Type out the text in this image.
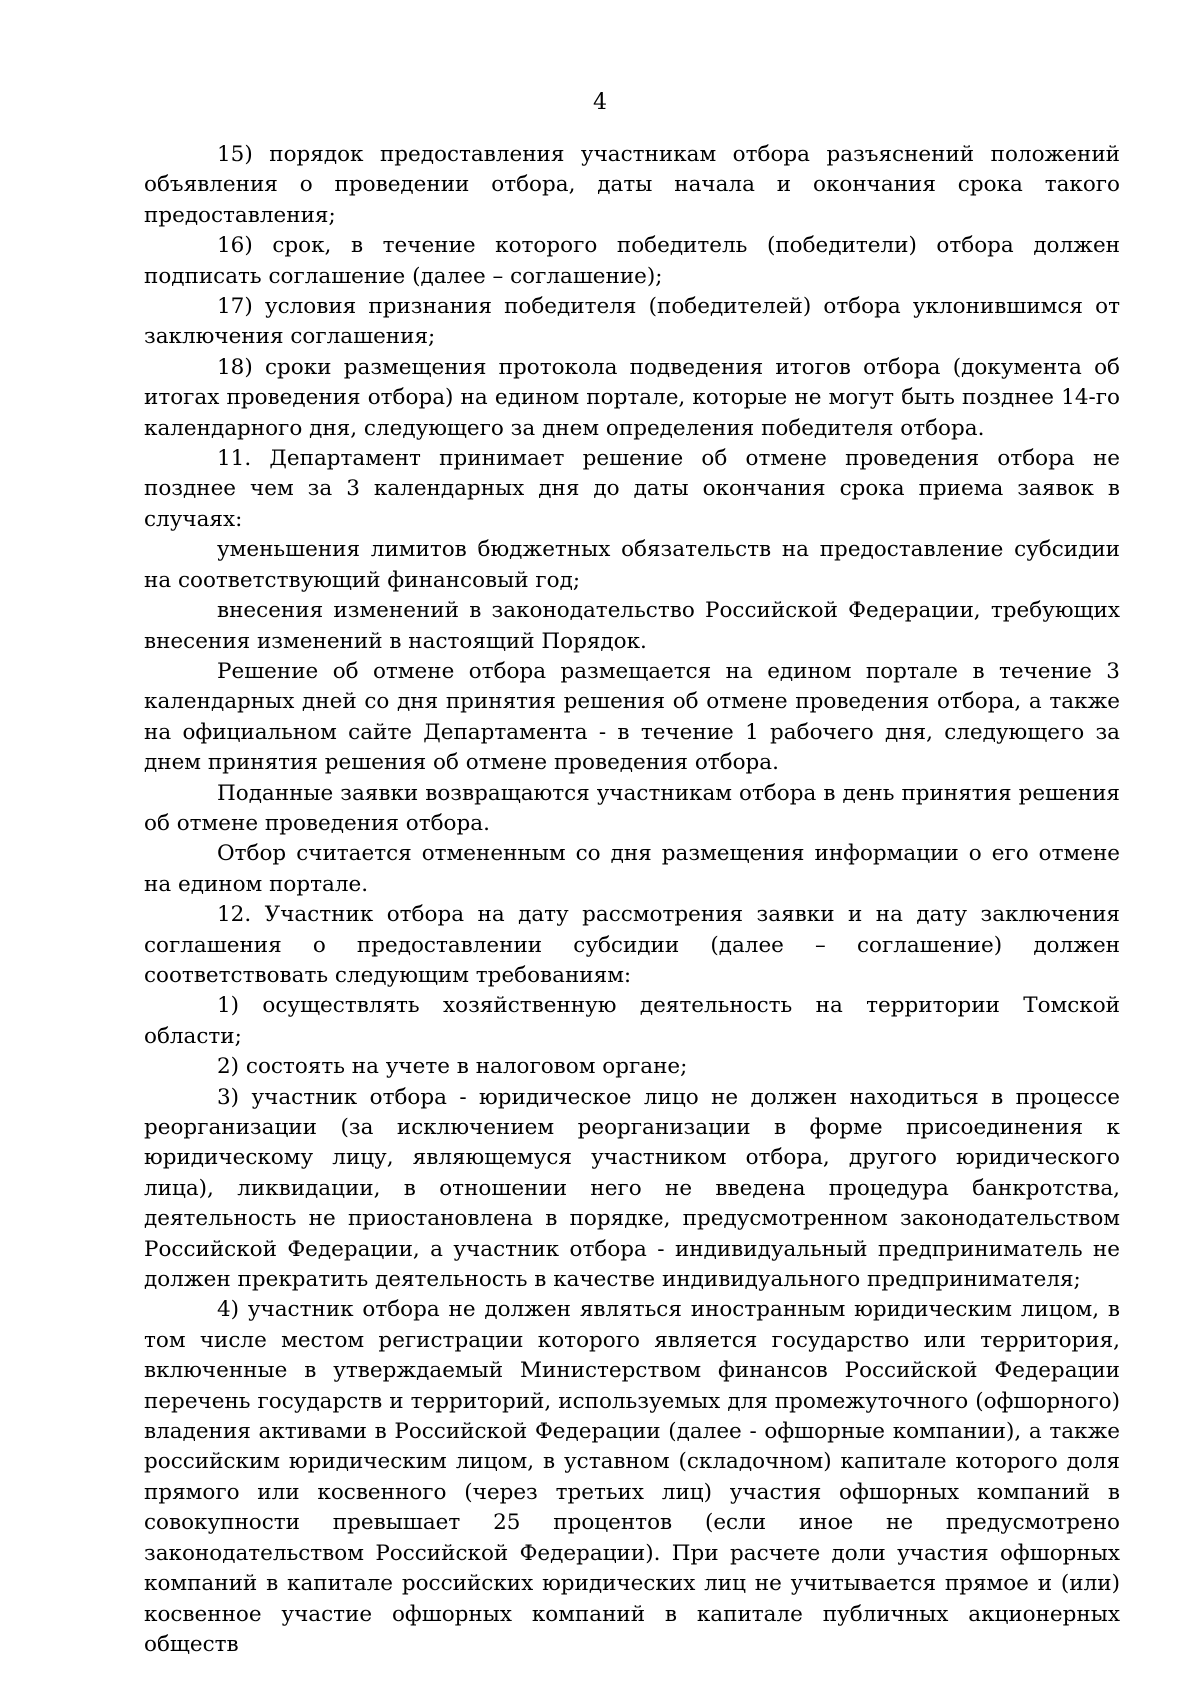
4

15) порядок предоставления участникам отбора разъяснений положений объявления о проведении отбора, даты начала и окончания срока такого предоставления;

16) срок, в течение которого победитель (победители) отбора должен подписать соглашение (далее – соглашение);

17) условия признания победителя (победителей) отбора уклонившимся от заключения соглашения;

18) сроки размещения протокола подведения итогов отбора (документа об итогах проведения отбора) на едином портале, которые не могут быть позднее 14-го календарного дня, следующего за днем определения победителя отбора.

11. Департамент принимает решение об отмене проведения отбора не позднее чем за 3 календарных дня до даты окончания срока приема заявок в случаях:

уменьшения лимитов бюджетных обязательств на предоставление субсидии на соответствующий финансовый год;

внесения изменений в законодательство Российской Федерации, требующих внесения изменений в настоящий Порядок.

Решение об отмене отбора размещается на едином портале в течение 3 календарных дней со дня принятия решения об отмене проведения отбора, а также на официальном сайте Департамента - в течение 1 рабочего дня, следующего за днем принятия решения об отмене проведения отбора.

Поданные заявки возвращаются участникам отбора в день принятия решения об отмене проведения отбора.

Отбор считается отмененным со дня размещения информации о его отмене на едином портале.

12. Участник отбора на дату рассмотрения заявки и на дату заключения соглашения о предоставлении субсидии (далее – соглашение) должен соответствовать следующим требованиям:

1) осуществлять хозяйственную деятельность на территории Томской области;

2) состоять на учете в налоговом органе;

3) участник отбора - юридическое лицо не должен находиться в процессе реорганизации (за исключением реорганизации в форме присоединения к юридическому лицу, являющемуся участником отбора, другого юридического лица), ликвидации, в отношении него не введена процедура банкротства, деятельность не приостановлена в порядке, предусмотренном законодательством Российской Федерации, а участник отбора - индивидуальный предприниматель не должен прекратить деятельность в качестве индивидуального предпринимателя;

4) участник отбора не должен являться иностранным юридическим лицом, в том числе местом регистрации которого является государство или территория, включенные в утверждаемый Министерством финансов Российской Федерации перечень государств и территорий, используемых для промежуточного (офшорного) владения активами в Российской Федерации (далее - офшорные компании), а также российским юридическим лицом, в уставном (складочном) капитале которого доля прямого или косвенного (через третьих лиц) участия офшорных компаний в совокупности превышает 25 процентов (если иное не предусмотрено законодательством Российской Федерации). При расчете доли участия офшорных компаний в капитале российских юридических лиц не учитывается прямое и (или) косвенное участие офшорных компаний в капитале публичных акционерных обществ
